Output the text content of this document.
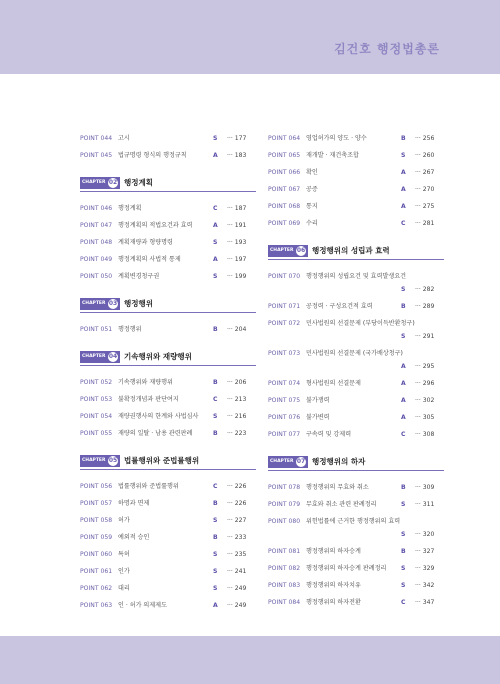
김건호 행정법총론
POINT 044 고시	S ··· 177
POINT 045 법규명령 형식의 행정규칙	A ··· 183
CHAPTER 02 행정계획
POINT 046 행정계획	C ··· 187
POINT 047 행정계획의 적법요건과 효력	A ··· 191
POINT 048 계획재량과 형량명령	S ··· 193
POINT 049 행정계획의 사법적 통제	A ··· 197
POINT 050 계획변경청구권	S ··· 199
CHAPTER 03 행정행위
POINT 051 행정행위	B ··· 204
CHAPTER 04 기속행위와 재량행위
POINT 052 기속행위와 재량행위	B ··· 206
POINT 053 불확정개념과 판단여지	C ··· 213
POINT 054 재량권행사의 한계와 사법심사 S ··· 216
POINT 055 재량의 일탈 · 남용 관련판례	B ··· 223
CHAPTER 05 법률행위와 준법률행위
POINT 056 법률행위와 준법률행위	C ··· 226
POINT 057 하명과 면제	B ··· 226
POINT 058 허가	S ··· 227
POINT 059 예외적 승인	B ··· 233
POINT 060 특허	S ··· 235
POINT 061 인가	S ··· 241
POINT 062 대리	S ··· 249
POINT 063 인 · 허가 의제제도	A ··· 249
POINT 064 영업허가의 양도 · 양수	B ··· 256
POINT 065 재개발 · 재건축조합	S ··· 260
POINT 066 확인	A ··· 267
POINT 067 공증	A ··· 270
POINT 068 통지	A ··· 275
POINT 069 수리	C ··· 281
CHAPTER 06 행정행위의 성립과 효력
POINT 070 행정행위의 성립요건 및 효력발생요건
S ··· 282
POINT 071 공정력 · 구성요건적 효력	B ··· 289
POINT 072 민사법원의 선결문제 (부당이득반환청구)
S ··· 291
POINT 073 민사법원의 선결문제 (국가배상청구)
A ··· 295
POINT 074 형사법원의 선결문제	A ··· 296
POINT 075 불가쟁력	A ··· 302
POINT 076 불가변력	A ··· 305
POINT 077 구속력 및 강제력	C ··· 308
CHAPTER 07 행정행위의 하자
POINT 078 행정행위의 무효와 취소	B ··· 309
POINT 079 무효와 취소 관련 판례정리	S ··· 311
POINT 080 위헌법률에 근거한 행정행위의 효력
S ··· 320
POINT 081 행정행위의 하자승계	B ··· 327
POINT 082 행정행위의 하자승계 판례정리 S ··· 329
POINT 083 행정행위의 하자치유	S ··· 342
POINT 084 행정행위의 하자전환	C ··· 347
